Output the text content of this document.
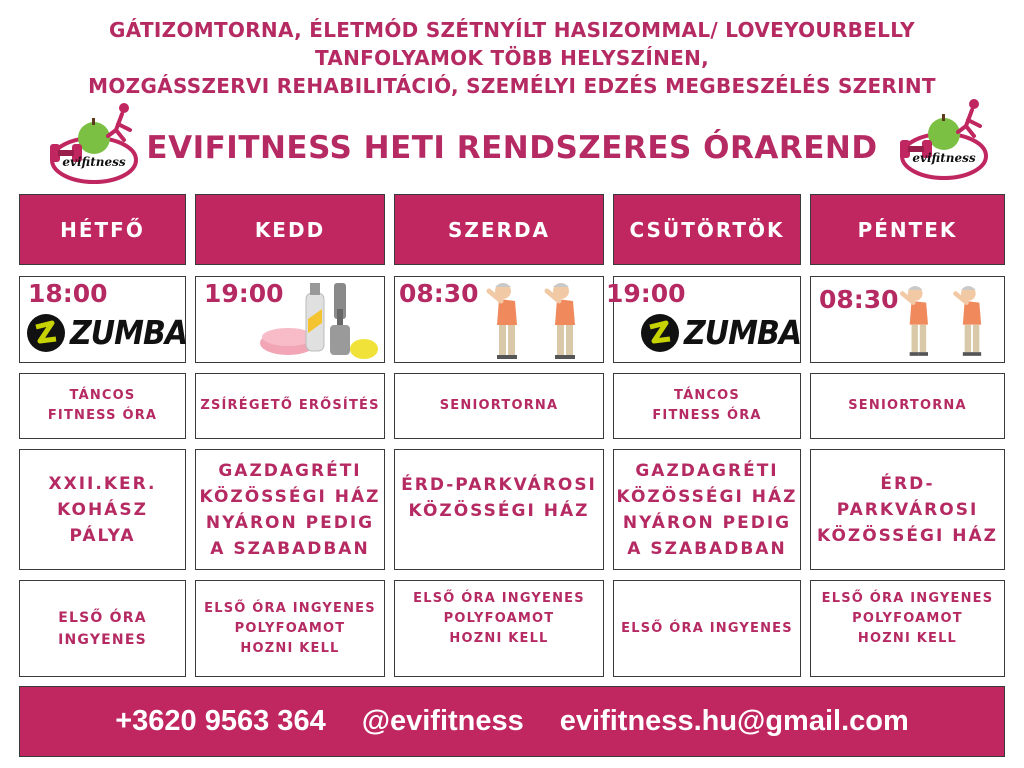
GÁTIZOMTORNA, ÉLETMÓD SZÉTNYÍLT HASIZOMMAL/ LOVEYOURBELLY
TANFOLYAMOK TÖBB HELYSZÍNEN,
MOZGÁSSZERVI REHABILITÁCIÓ, SZEMÉLYI EDZÉS MEGBESZÉLÉS SZERINT
evifitness EVIFITNESS HETI RENDSZERES ÓRAREND	evifitness
HÉTFŐ
18:00
ZUMBA
TÁNCOS
FITNESS ÓRA
XXII.KER.
KOHÁSZ
PÁLYA
ELSŐ ÓRA
INGYENES
KEDD
19:00
ZSÍRÉGETŐ ERŐSÍTÉS
GAZDAGRÉTI
KÖZÖSSÉGI HÁZ
NYÁRON PEDIG
A SZABADBAN
ELSŐ ÓRA INGYENES
POLYFOAMOT
HOZNI KELL
SZERDA
08:30
SENIORTORNA
ÉRD-PARKVÁROSI
KÖZÖSSÉGI HÁZ
ELSŐ ÓRA INGYENES
POLYFOAMOT
HOZNI KELL
CSÜTÖRTÖK
19:00
ZUMBA
TÁNCOS
FITNESS ÓRA
GAZDAGRÉTI
KÖZÖSSÉGI HÁZ
NYÁRON PEDIG
A SZABADBAN
ELSŐ ÓRA INGYENES
PÉNTEK
08:30
SENIORTORNA
ÉRD-
PARKVÁROSI
KÖZÖSSÉGI HÁZ
ELSŐ ÓRA INGYENES
POLYFOAMOT
HOZNI KELL
+3620 9563 364 @evifitness evifitness.hu@gmail.com
